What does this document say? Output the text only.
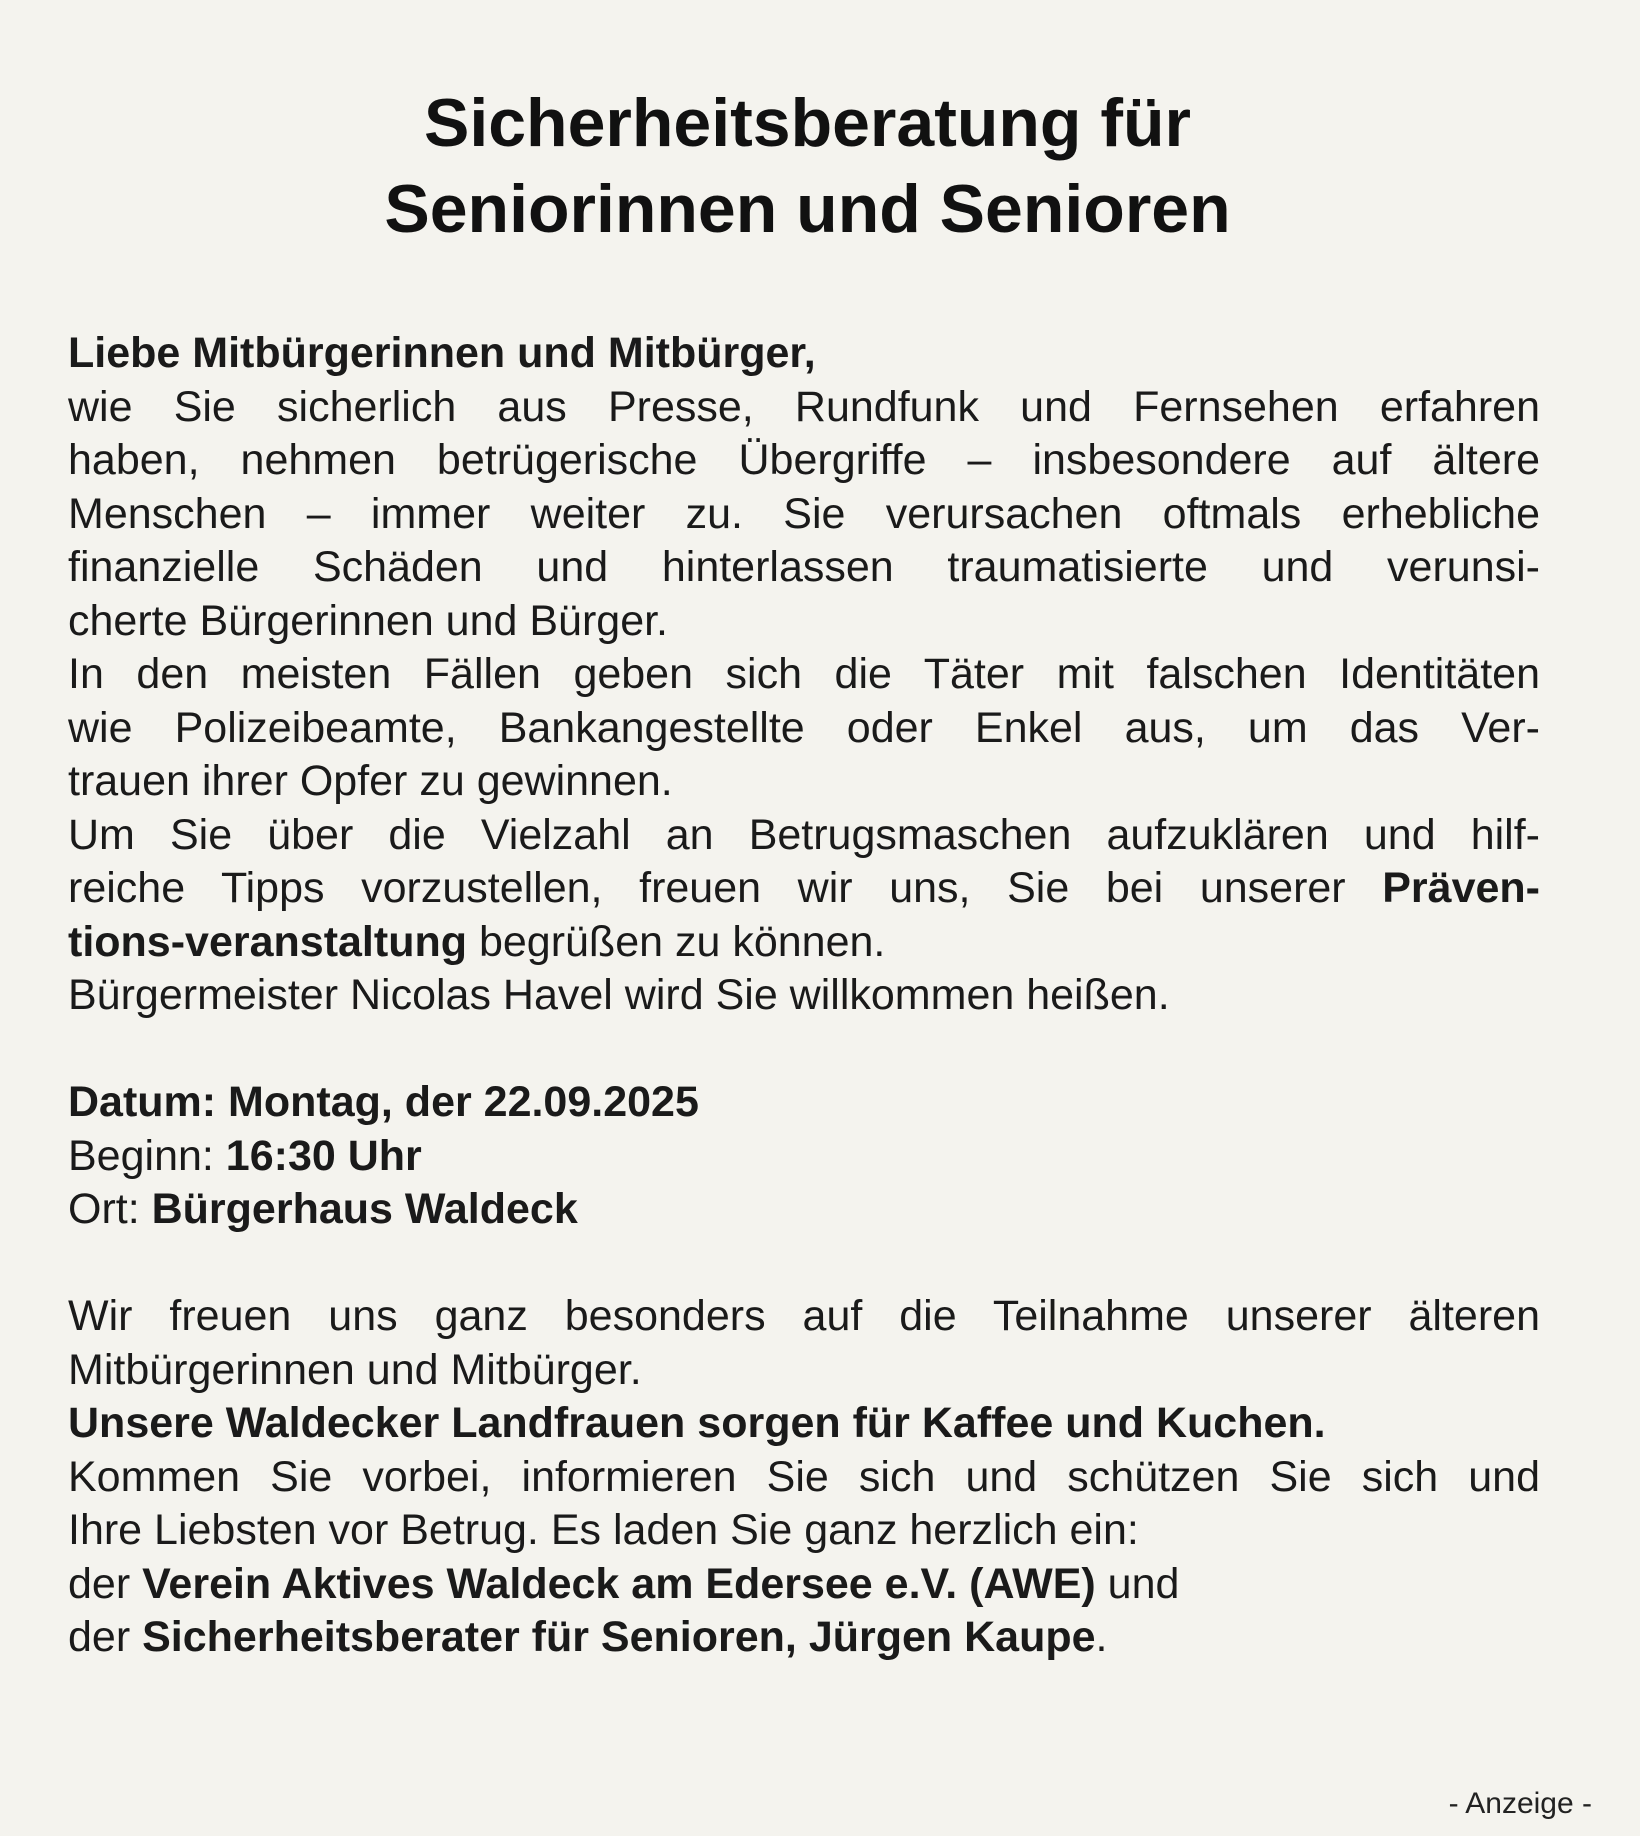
Sicherheitsberatung für
Seniorinnen und Senioren

Liebe Mitbürgerinnen und Mitbürger,

wie Sie sicherlich aus Presse, Rundfunk und Fernsehen erfahren
haben, nehmen betrügerische Übergriffe – insbesondere auf ältere
Menschen – immer weiter zu. Sie verursachen oftmals erhebliche
finanzielle Schäden und hinterlassen traumatisierte und verunsi-
cherte Bürgerinnen und Bürger.
In den meisten Fällen geben sich die Täter mit falschen Identitäten
wie Polizeibeamte, Bankangestellte oder Enkel aus, um das Ver-
trauen ihrer Opfer zu gewinnen.
Um Sie über die Vielzahl an Betrugsmaschen aufzuklären und hilf-
reiche Tipps vorzustellen, freuen wir uns, Sie bei unserer Präven-
tions-veranstaltung begrüßen zu können.
Bürgermeister Nicolas Havel wird Sie willkommen heißen.
Datum: Montag, der 22.09.2025
Beginn: 16:30 Uhr
Ort: Bürgerhaus Waldeck
Wir freuen uns ganz besonders auf die Teilnahme unserer älteren
Mitbürgerinnen und Mitbürger.
Unsere Waldecker Landfrauen sorgen für Kaffee und Kuchen.
Kommen Sie vorbei, informieren Sie sich und schützen Sie sich und
Ihre Liebsten vor Betrug. Es laden Sie ganz herzlich ein:
der Verein Aktives Waldeck am Edersee e.V. (AWE) und
der Sicherheitsberater für Senioren, Jürgen Kaupe.
- Anzeige -
